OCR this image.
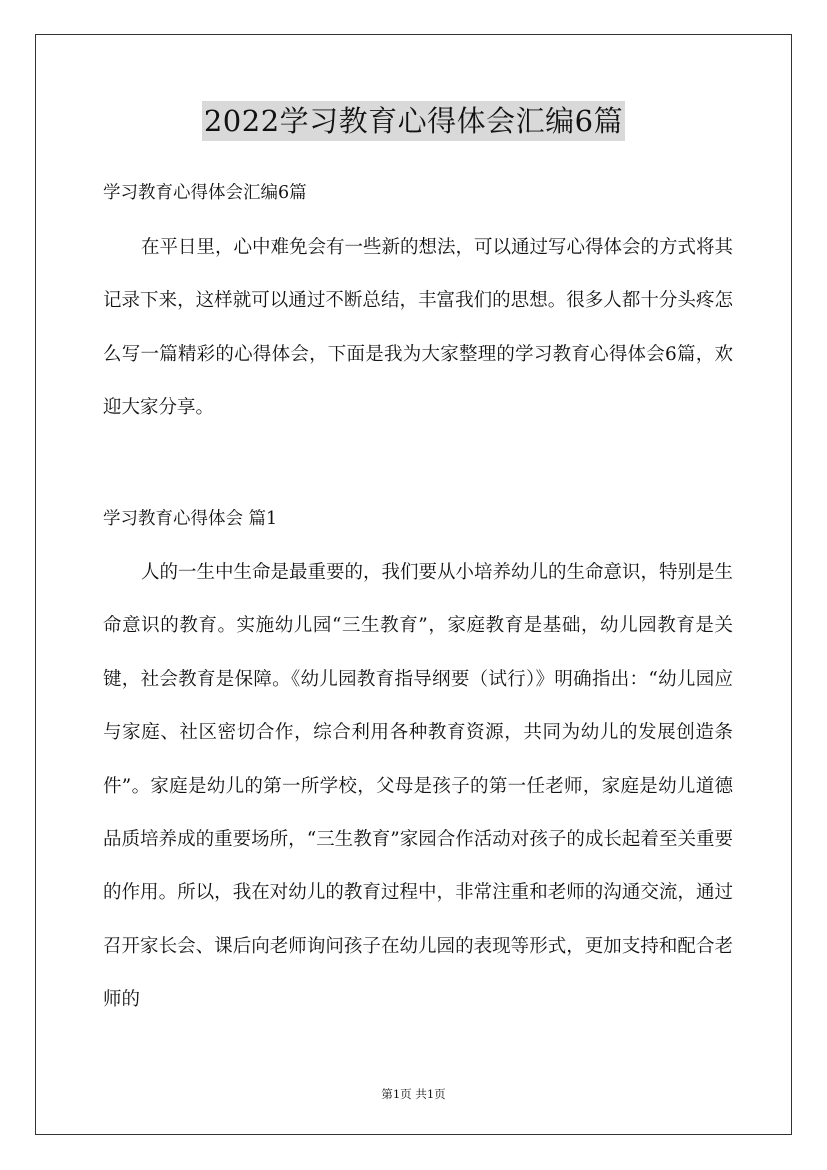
2022学习教育心得体会汇编6篇
学习教育心得体会汇编6篇

在平日里，心中难免会有一些新的想法，可以通过写心得体会的方式将其记录下来，这样就可以通过不断总结，丰富我们的思想。很多人都十分头疼怎么写一篇精彩的心得体会，下面是我为大家整理的学习教育心得体会6篇，欢迎大家分享。

学习教育心得体会 篇1

人的一生中生命是最重要的，我们要从小培养幼儿的生命意识，特别是生命意识的教育。实施幼儿园“三生教育”，家庭教育是基础，幼儿园教育是关键，社会教育是保障。《幼儿园教育指导纲要（试行）》明确指出：“幼儿园应与家庭、社区密切合作，综合利用各种教育资源，共同为幼儿的发展创造条件”。家庭是幼儿的第一所学校，父母是孩子的第一任老师，家庭是幼儿道德品质培养成的重要场所，“三生教育”家园合作活动对孩子的成长起着至关重要的作用。所以，我在对幼儿的教育过程中，非常注重和老师的沟通交流，通过召开家长会、课后向老师询问孩子在幼儿园的表现等形式，更加支持和配合老师的

第1页 共1页
